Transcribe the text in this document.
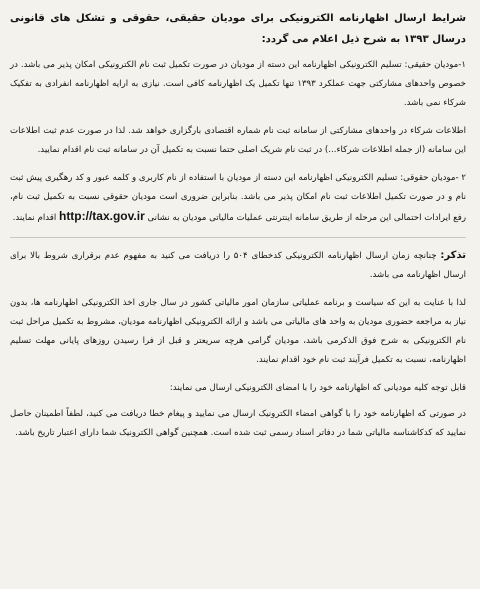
شرایط ارسال اظهارنامه الکترونیکی برای مودیان حقیقی، حقوقی و تشکل های قانونی درسال ۱۳۹۳ به شرح ذیل اعلام می گردد:

۱-مودیان حقیقی: تسلیم الکترونیکی اظهارنامه این دسته از مودیان در صورت تکمیل ثبت نام الکترونیکی امکان پذیر می باشد. در خصوص واحدهای مشارکتی جهت عملکرد ۱۳۹۳ تنها تکمیل یک اظهارنامه کافی است. نیازی به ارایه اظهارنامه انفرادی به تفکیک شرکاء نمی باشد.

اطلاعات شرکاء در واحدهای مشارکتی از سامانه ثبت نام شماره اقتصادی بارگزاری خواهد شد. لذا در صورت عدم ثبت اطلاعات این سامانه (از جمله اطلاعات شرکاء...) در ثبت نام شریک اصلی حتما نسبت به تکمیل آن در سامانه ثبت نام اقدام نمایید.

۲ -مودیان حقوقی: تسلیم الکترونیکی اظهارنامه این دسته از مودیان با استفاده از نام کاربری و کلمه عبور و کد رهگیری پیش ثبت نام و در صورت تکمیل اطلاعات ثبت نام امکان پذیر می باشد. بنابراین ضروری است مودیان حقوقی نسبت به تکمیل ثبت نام، رفع ایرادات احتمالی این مرحله از طریق سامانه اینترنتی عملیات مالیاتی مودیان به نشانی http://tax.gov.ir اقدام نمایند.

تذکر: چنانچه زمان ارسال اظهارنامه الکترونیکی کدخطای ۵۰۴ را دریافت می کنید به مفهوم عدم برقراری شروط بالا برای ارسال اظهارنامه می باشد.

لذا با عنایت به این که سیاست و برنامه عملیاتی سازمان امور مالیاتی کشور در سال جاری اخذ الکترونیکی اظهارنامه ها، بدون نیاز به مراجعه حضوری مودیان به واحد های مالیاتی می باشد و ارائه الکترونیکی اظهارنامه مودیان، مشروط به تکمیل مراحل ثبت نام الکترونیکی به شرح فوق الذکرمی باشد، مودیان گرامی هرچه سریعتر و قبل از فرا رسیدن روزهای پایانی مهلت تسلیم اظهارنامه، نسبت به تکمیل فرآیند ثبت نام خود اقدام نمایند.

قابل توجه کلیه مودیانی که اظهارنامه خود را با امضای الکترونیکی ارسال می نمایند:

در صورتی که اظهارنامه خود را با گواهی امضاء الکترونیک ارسال می نمایید و پیغام خطا دریافت می کنید، لطفاً اطمینان حاصل نمایید که کدکاشناسه مالیاتی شما در دفاتر اسناد رسمی ثبت شده است. همچنین گواهی الکترونیک شما دارای اعتبار تاریخ باشد.
